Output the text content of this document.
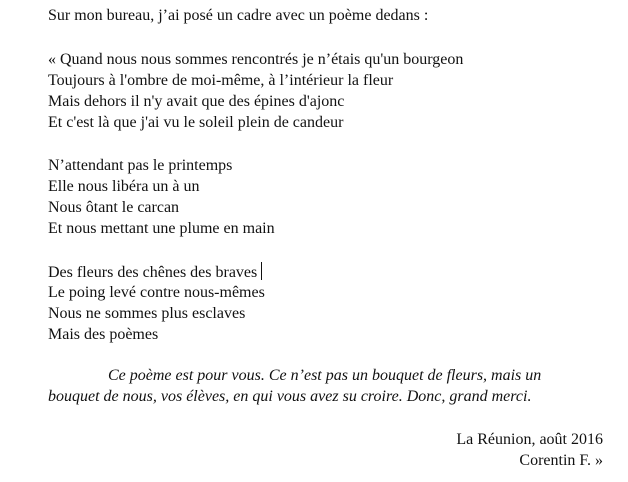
Sur mon bureau, j’ai posé un cadre avec un poème dedans :
« Quand nous nous sommes rencontrés je n’étais qu'un bourgeon
Toujours à l'ombre de moi-même, à l’intérieur la fleur
Mais dehors il n'y avait que des épines d'ajonc
Et c'est là que j'ai vu le soleil plein de candeur
N’attendant pas le printemps
Elle nous libéra un à un
Nous ôtant le carcan
Et nous mettant une plume en main
Des fleurs des chênes des braves
Le poing levé contre nous-mêmes
Nous ne sommes plus esclaves
Mais des poèmes
Ce poème est pour vous. Ce n’est pas un bouquet de fleurs, mais un
bouquet de nous, vos élèves, en qui vous avez su croire. Donc, grand merci.
La Réunion, août 2016
Corentin F. »
